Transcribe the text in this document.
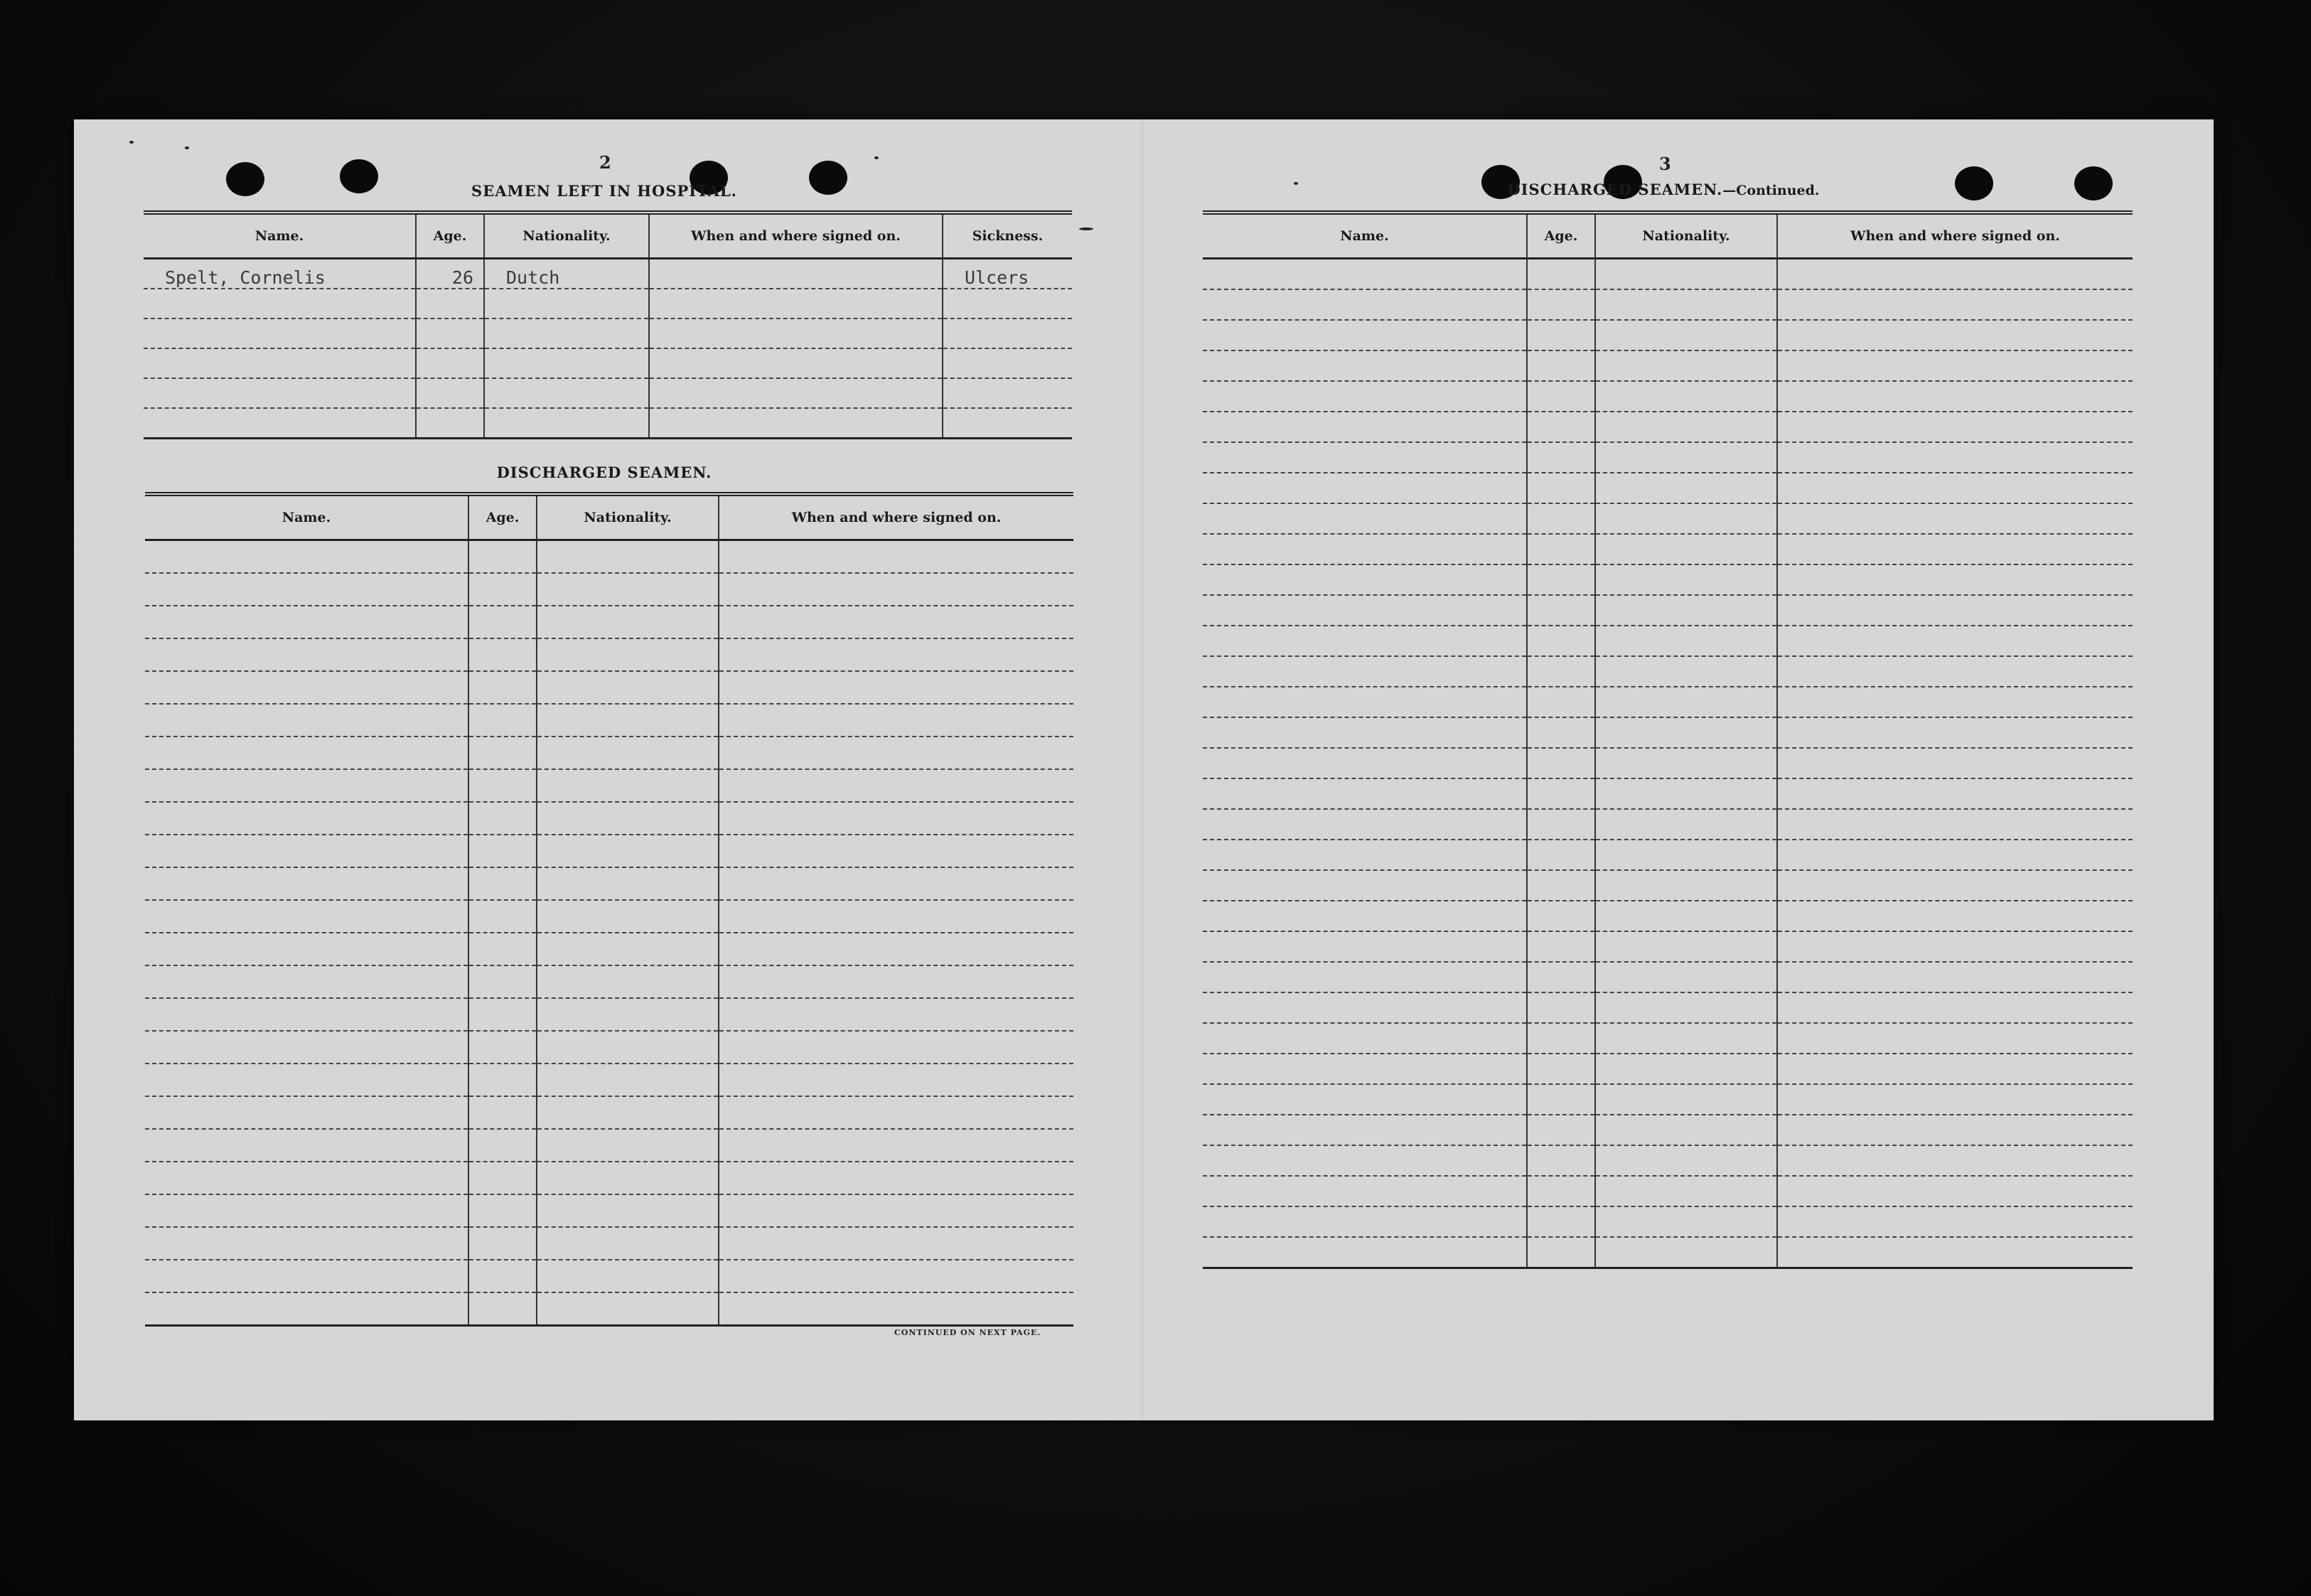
2
SEAMEN LEFT IN HOSPITAL.
Name.	Age.	Nationality.	When and where signed on.	Sickness.
Spelt, Cornelis	26	Dutch		Ulcers

DISCHARGED SEAMEN.
Name.	Age.	Nationality.	When and where signed on.

CONTINUED ON NEXT PAGE.
3
DISCHARGED SEAMEN.—Continued.
Name.	Age.	Nationality.	When and where signed on.
